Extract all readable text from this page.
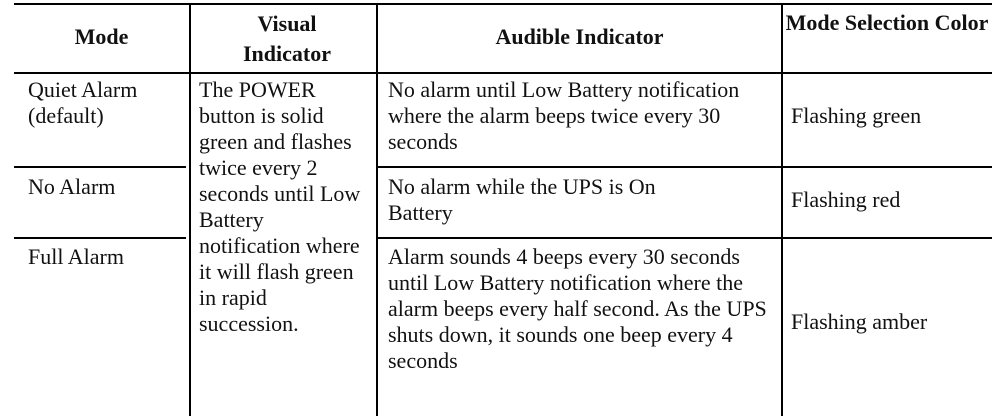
Mode
Visual Indicator
Audible Indicator
Mode Selection Color
Quiet Alarm (default)
No Alarm
Full Alarm
The POWER button is solid green and flashes twice every 2 seconds until Low Battery notification where it will flash green in rapid succession.
No alarm until Low Battery notification where the alarm beeps twice every 30 seconds
No alarm while the UPS is On Battery
Alarm sounds 4 beeps every 30 seconds until Low Battery notification where the alarm beeps every half second. As the UPS shuts down, it sounds one beep every 4 seconds
Flashing green
Flashing red
Flashing amber
